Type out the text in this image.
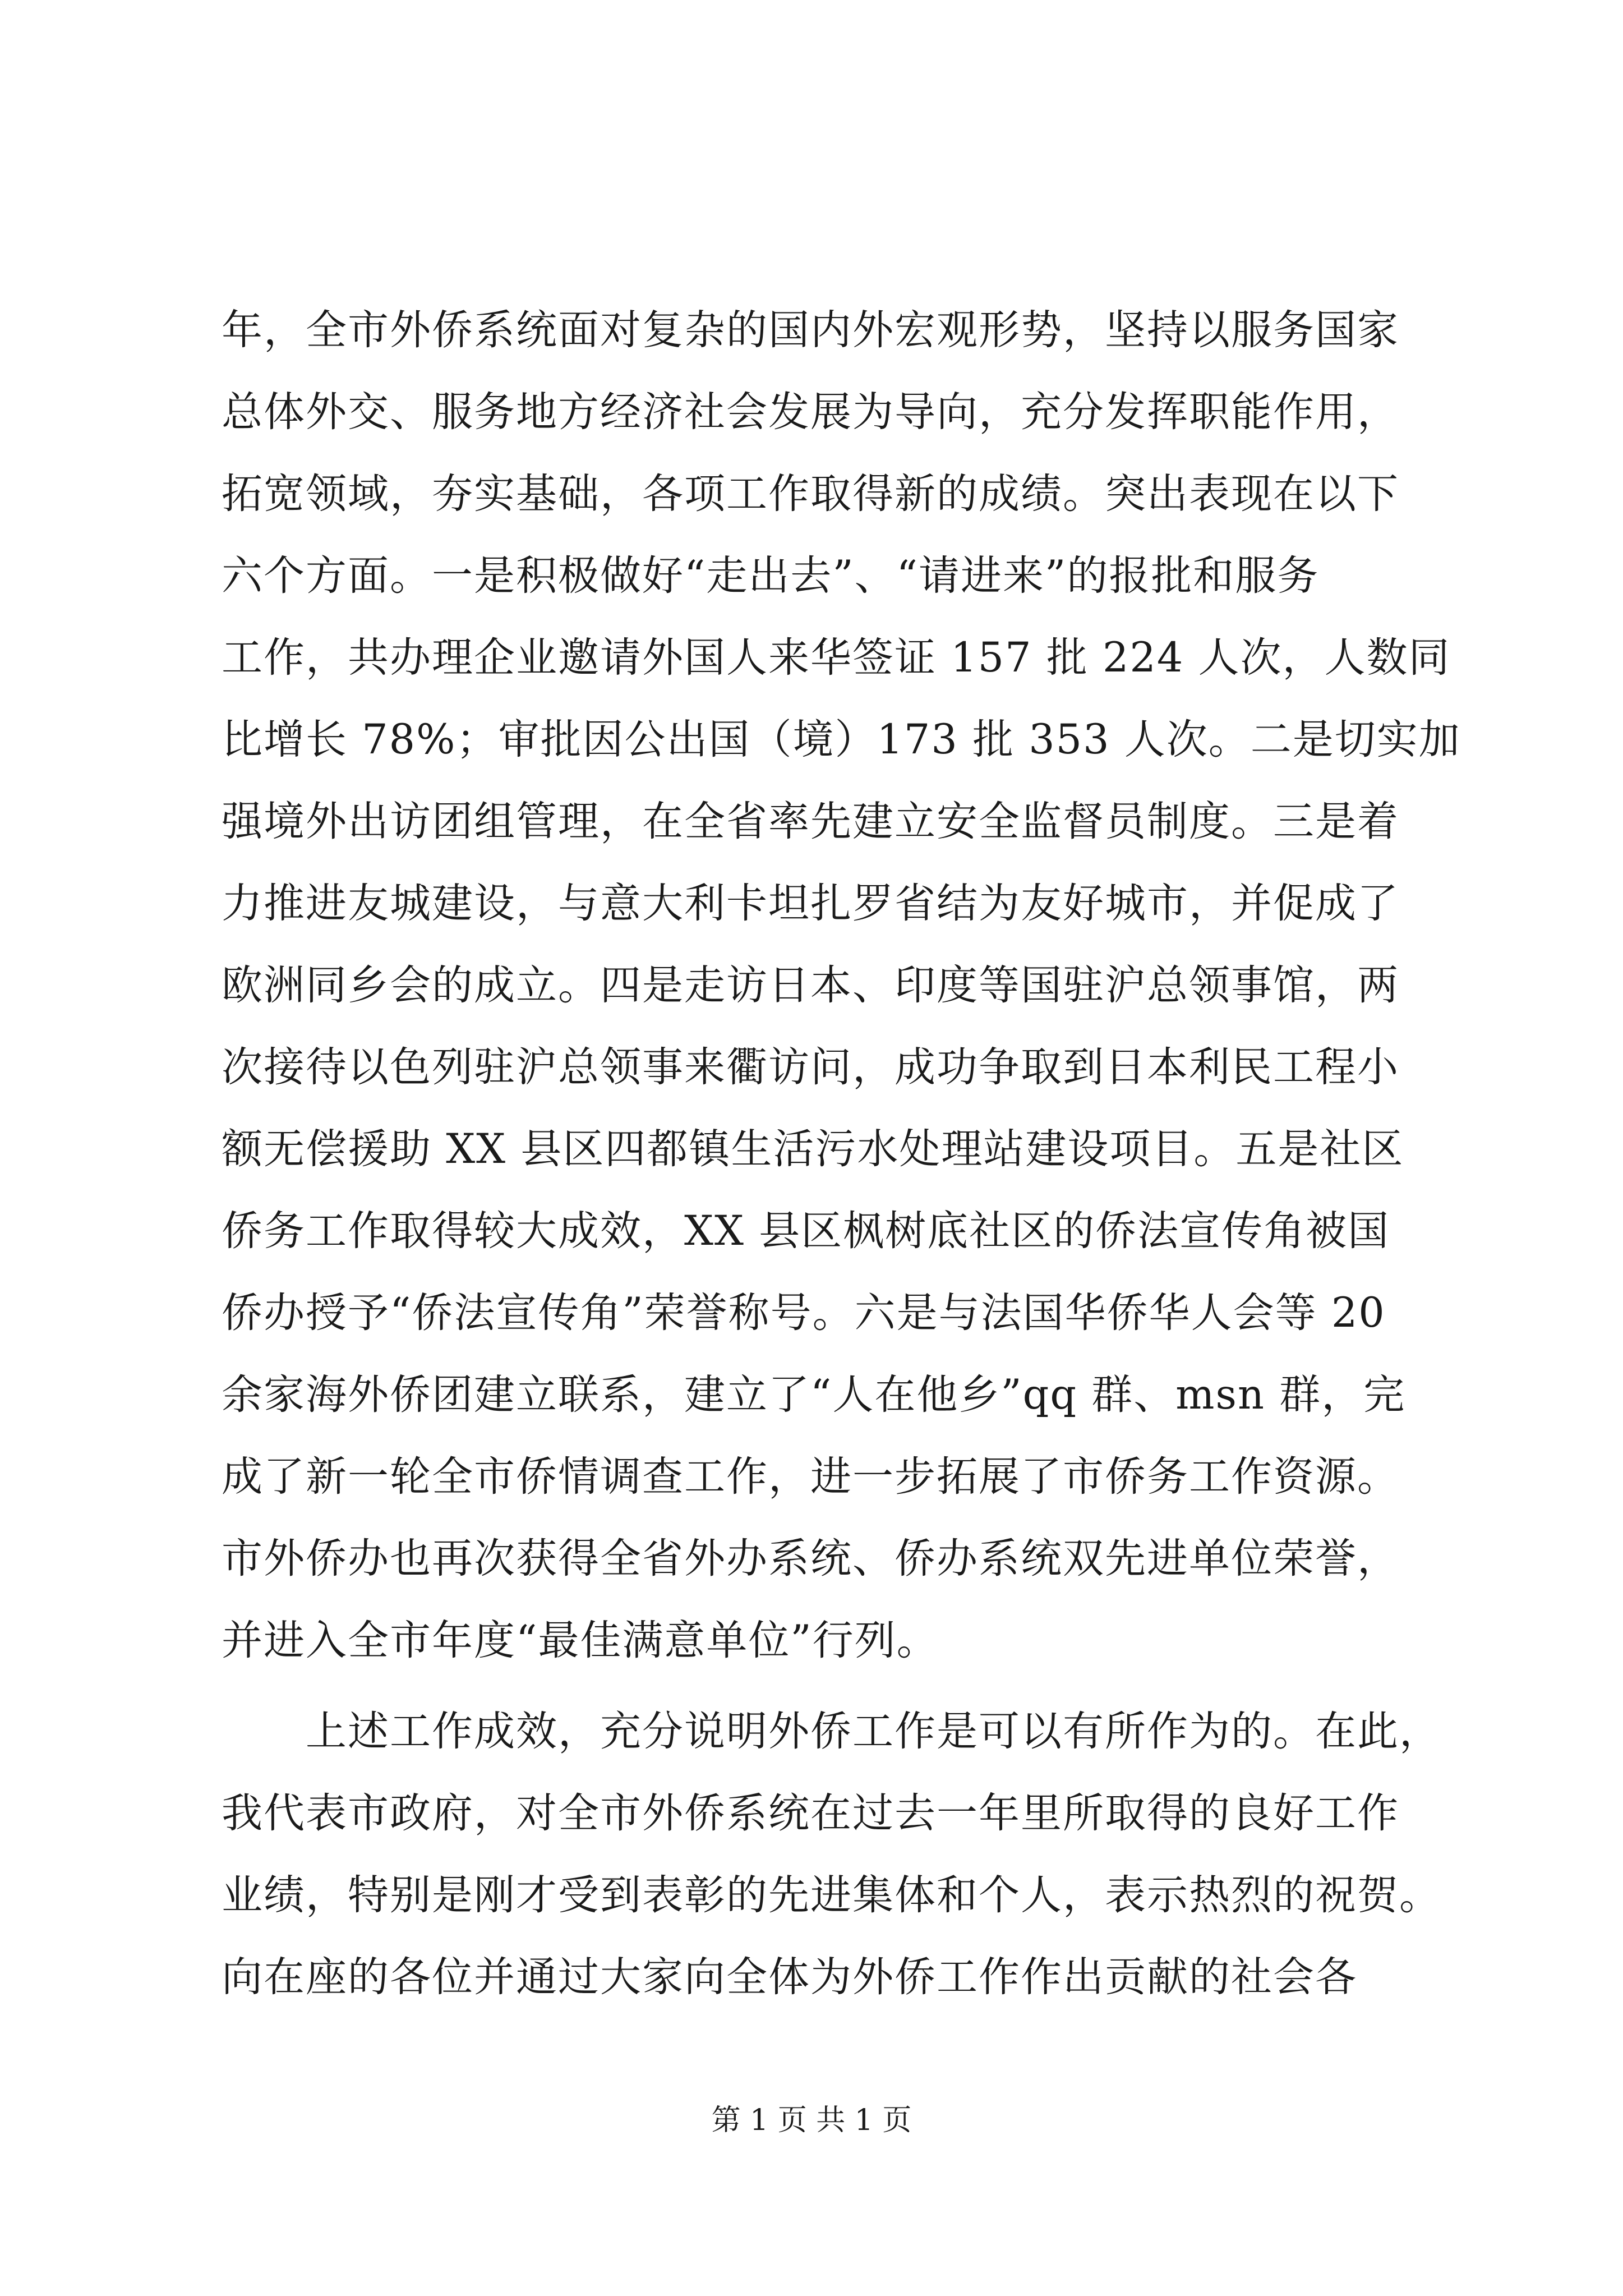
年，全市外侨系统面对复杂的国内外宏观形势，坚持以服务国家
总体外交、服务地方经济社会发展为导向，充分发挥职能作用，
拓宽领域，夯实基础，各项工作取得新的成绩。突出表现在以下
六个方面。一是积极做好“走出去”、“请进来”的报批和服务
工作，共办理企业邀请外国人来华签证 157 批 224 人次，人数同
比增长 78%；审批因公出国（境）173 批 353 人次。二是切实加
强境外出访团组管理，在全省率先建立安全监督员制度。三是着
力推进友城建设，与意大利卡坦扎罗省结为友好城市，并促成了
欧洲同乡会的成立。四是走访日本、印度等国驻沪总领事馆，两
次接待以色列驻沪总领事来衢访问，成功争取到日本利民工程小
额无偿援助 XX 县区四都镇生活污水处理站建设项目。五是社区
侨务工作取得较大成效，XX 县区枫树底社区的侨法宣传角被国
侨办授予“侨法宣传角”荣誉称号。六是与法国华侨华人会等 20
余家海外侨团建立联系，建立了“人在他乡”qq 群、msn 群，完
成了新一轮全市侨情调查工作，进一步拓展了市侨务工作资源。
市外侨办也再次获得全省外办系统、侨办系统双先进单位荣誉，
并进入全市年度“最佳满意单位”行列。
　　上述工作成效，充分说明外侨工作是可以有所作为的。在此，
我代表市政府，对全市外侨系统在过去一年里所取得的良好工作
业绩，特别是刚才受到表彰的先进集体和个人，表示热烈的祝贺。
向在座的各位并通过大家向全体为外侨工作作出贡献的社会各
第 1 页 共 1 页
